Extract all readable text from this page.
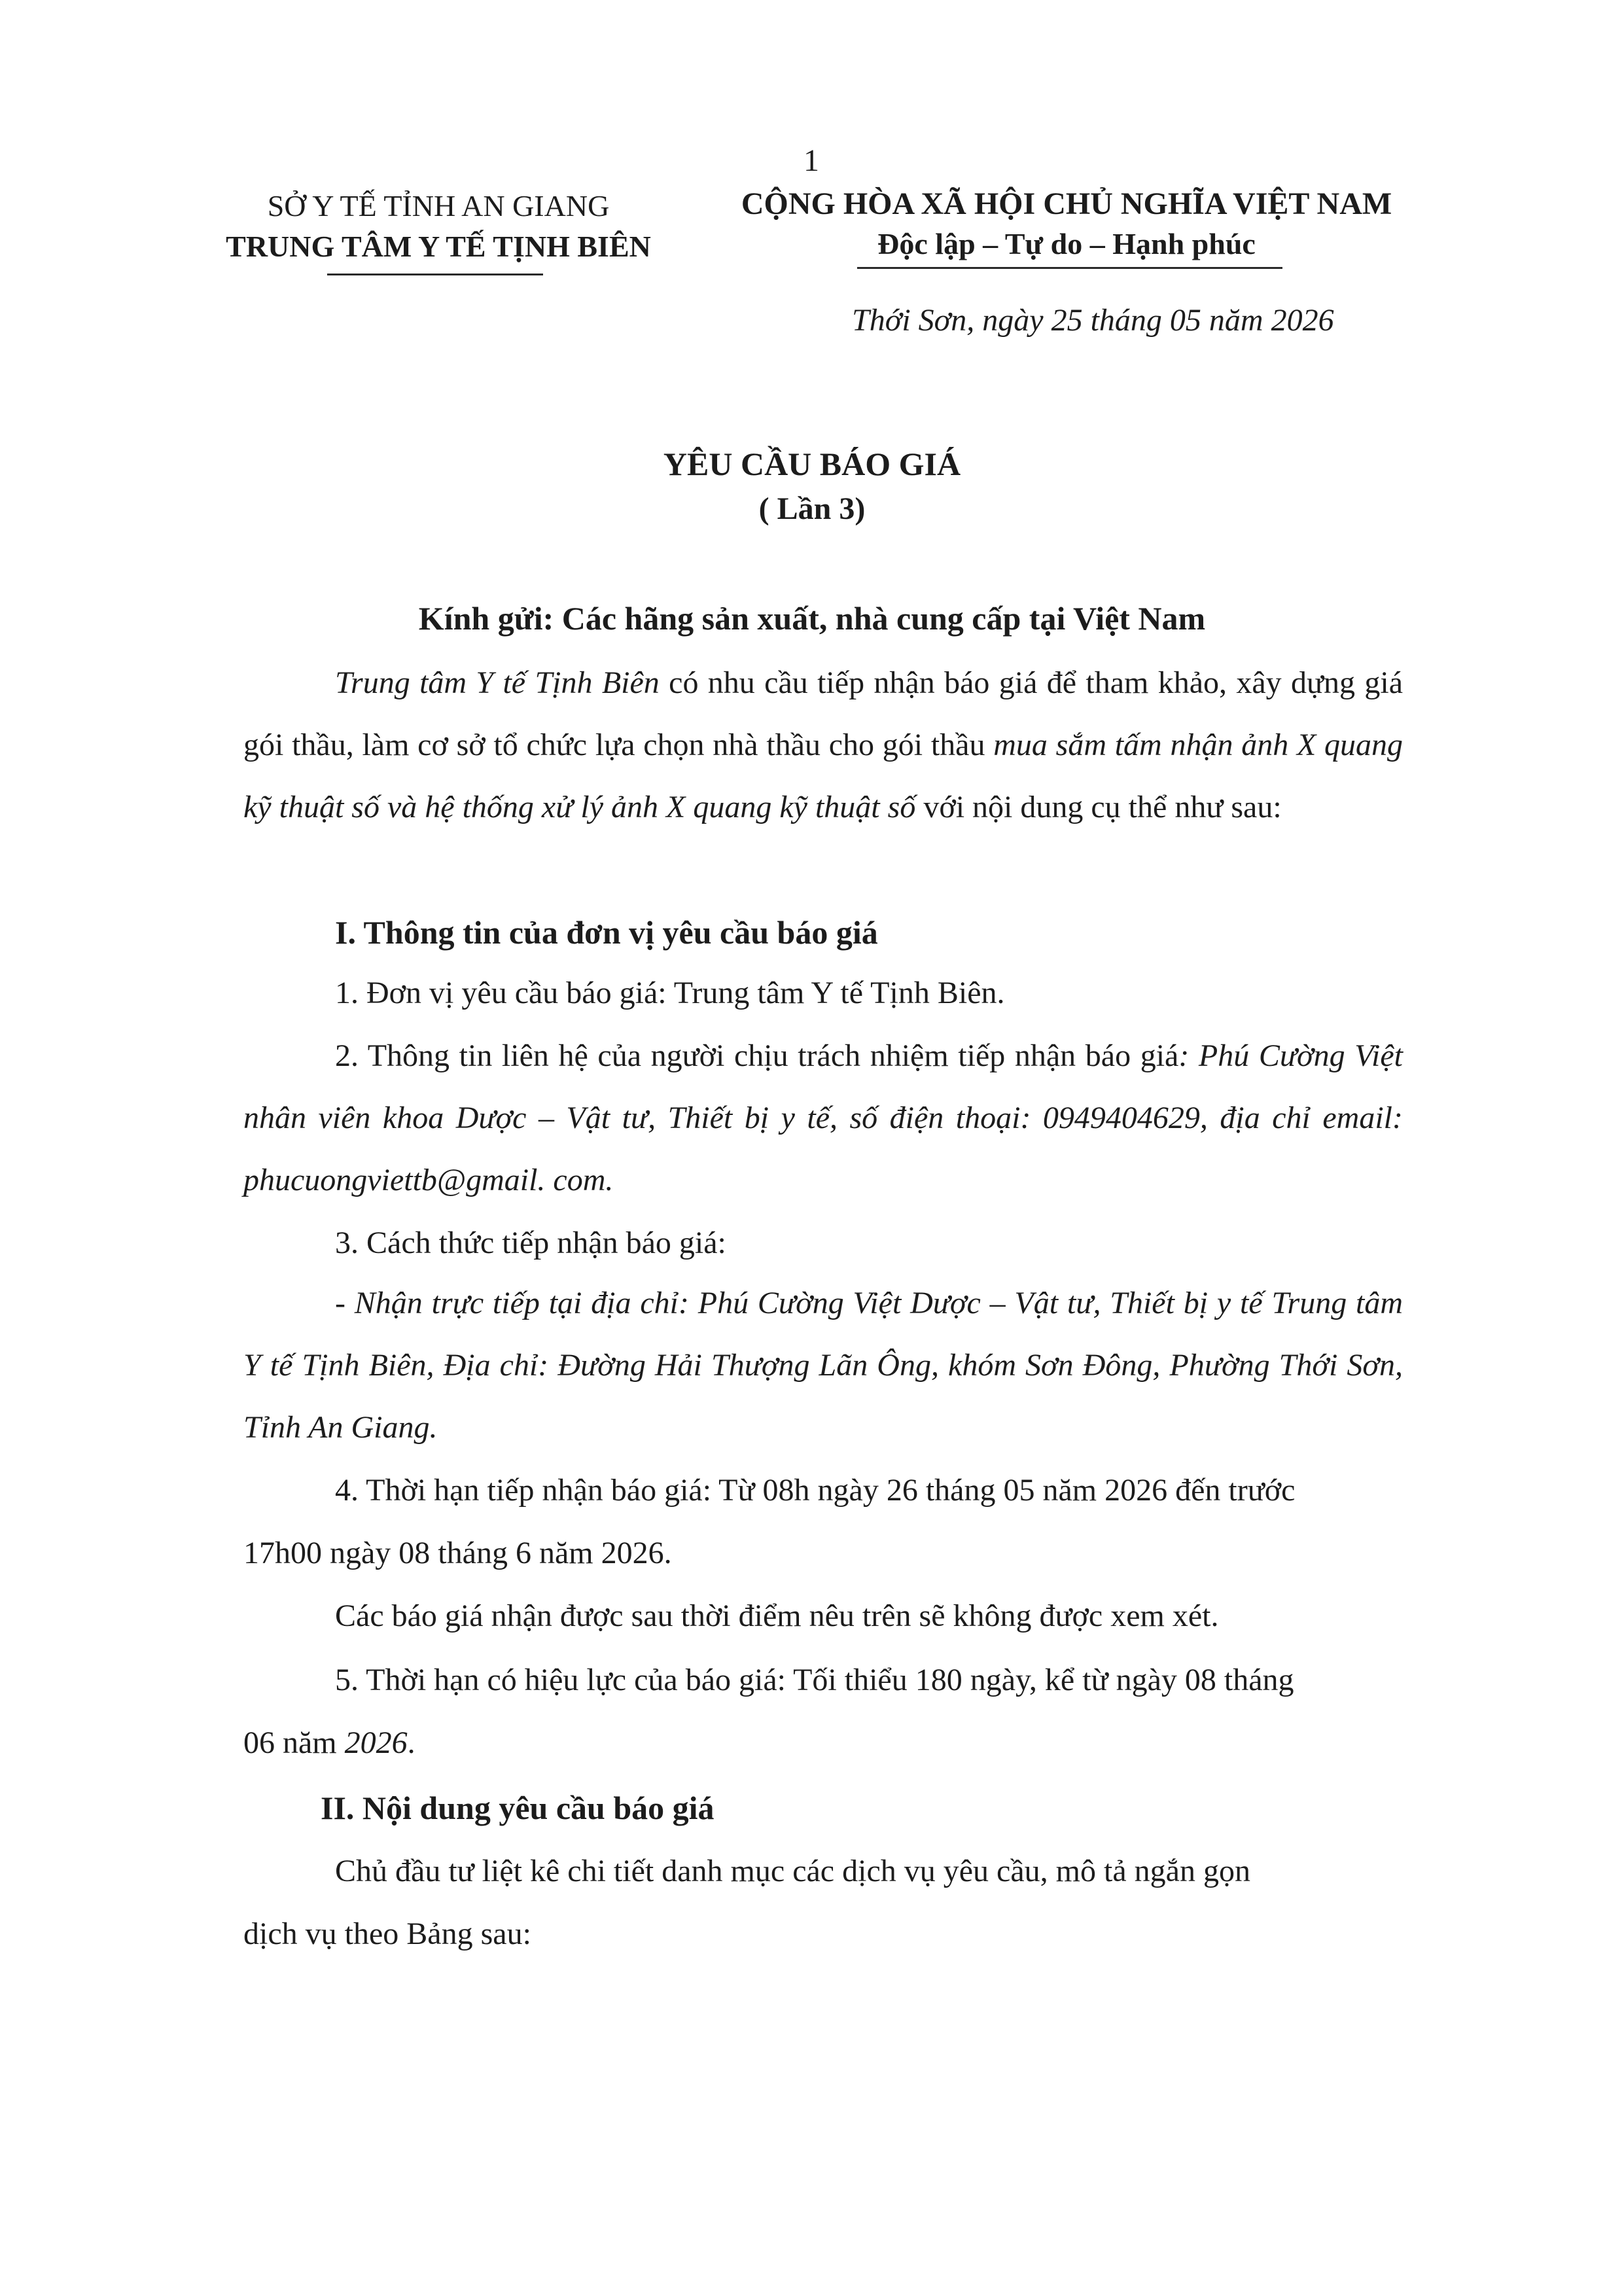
1
SỞ Y TẾ TỈNH AN GIANG
TRUNG TÂM Y TẾ TỊNH BIÊN
CỘNG HÒA XÃ HỘI CHỦ NGHĨA VIỆT NAM
Độc lập – Tự do – Hạnh phúc
Thới Sơn, ngày 25 tháng 05 năm 2026
YÊU CẦU BÁO GIÁ
( Lần 3)
Kính gửi: Các hãng sản xuất, nhà cung cấp tại Việt Nam
Trung tâm Y tế Tịnh Biên có nhu cầu tiếp nhận báo giá để tham khảo, xây dựng giá gói thầu, làm cơ sở tổ chức lựa chọn nhà thầu cho gói thầu mua sắm tấm nhận ảnh X quang kỹ thuật số và hệ thống xử lý ảnh X quang kỹ thuật số với nội dung cụ thể như sau:
I. Thông tin của đơn vị yêu cầu báo giá
1. Đơn vị yêu cầu báo giá: Trung tâm Y tế Tịnh Biên.
2. Thông tin liên hệ của người chịu trách nhiệm tiếp nhận báo giá: Phú Cường Việt nhân viên khoa Dược – Vật tư, Thiết bị y tế, số điện thoại: 0949404629, địa chỉ email: phucuongviettb@gmail. com.
3. Cách thức tiếp nhận báo giá:
- Nhận trực tiếp tại địa chỉ: Phú Cường Việt Dược – Vật tư, Thiết bị y tế Trung tâm Y tế Tịnh Biên, Địa chỉ: Đường Hải Thượng Lãn Ông, khóm Sơn Đông, Phường Thới Sơn, Tỉnh An Giang.
4. Thời hạn tiếp nhận báo giá: Từ 08h ngày 26 tháng 05 năm 2026 đến trước
17h00 ngày 08 tháng 6 năm 2026.
Các báo giá nhận được sau thời điểm nêu trên sẽ không được xem xét.
5. Thời hạn có hiệu lực của báo giá: Tối thiểu 180 ngày, kể từ ngày 08 tháng
06 năm 2026.
II. Nội dung yêu cầu báo giá
Chủ đầu tư liệt kê chi tiết danh mục các dịch vụ yêu cầu, mô tả ngắn gọn
dịch vụ theo Bảng sau:
